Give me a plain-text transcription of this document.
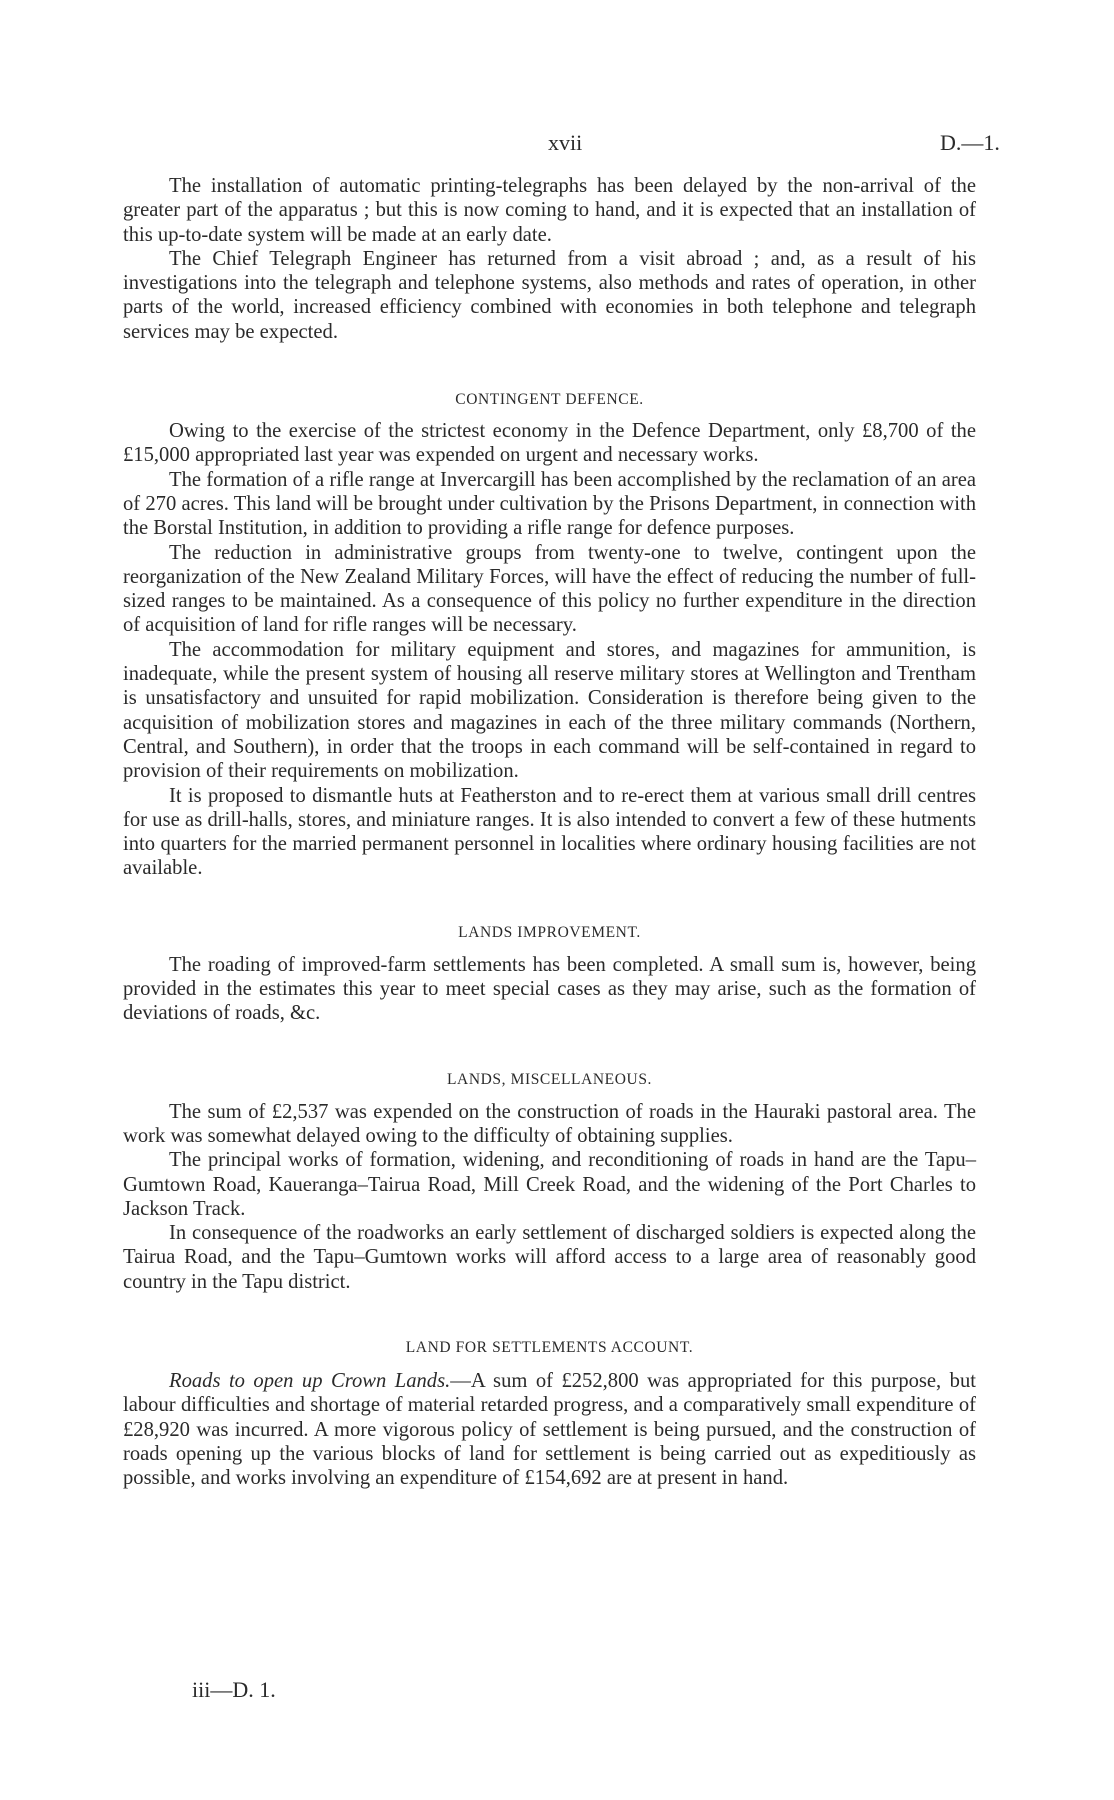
xvii	D.—1.

The installation of automatic printing-telegraphs has been delayed by the non-arrival of the greater part of the apparatus ; but this is now coming to hand, and it is expected that an installation of this up-to-date system will be made at an early date.

The Chief Telegraph Engineer has returned from a visit abroad ; and, as a result of his investigations into the telegraph and telephone systems, also methods and rates of operation, in other parts of the world, increased efficiency combined with economies in both telephone and telegraph services may be expected.

CONTINGENT DEFENCE.

Owing to the exercise of the strictest economy in the Defence Department, only £8,700 of the £15,000 appropriated last year was expended on urgent and necessary works.

The formation of a rifle range at Invercargill has been accomplished by the reclamation of an area of 270 acres. This land will be brought under cultivation by the Prisons Department, in connection with the Borstal Institution, in addition to providing a rifle range for defence purposes.

The reduction in administrative groups from twenty-one to twelve, contingent upon the reorganization of the New Zealand Military Forces, will have the effect of reducing the number of full-sized ranges to be maintained. As a consequence of this policy no further expenditure in the direction of acquisition of land for rifle ranges will be necessary.

The accommodation for military equipment and stores, and magazines for ammunition, is inadequate, while the present system of housing all reserve military stores at Wellington and Trentham is unsatisfactory and unsuited for rapid mobilization. Consideration is therefore being given to the acquisition of mobilization stores and magazines in each of the three military commands (Northern, Central, and Southern), in order that the troops in each command will be self-contained in regard to provision of their requirements on mobilization.

It is proposed to dismantle huts at Featherston and to re-erect them at various small drill centres for use as drill-halls, stores, and miniature ranges. It is also intended to convert a few of these hutments into quarters for the married permanent personnel in localities where ordinary housing facilities are not available.

LANDS IMPROVEMENT.

The roading of improved-farm settlements has been completed. A small sum is, however, being provided in the estimates this year to meet special cases as they may arise, such as the formation of deviations of roads, &c.

LANDS, MISCELLANEOUS.

The sum of £2,537 was expended on the construction of roads in the Hauraki pastoral area. The work was somewhat delayed owing to the difficulty of obtaining supplies.

The principal works of formation, widening, and reconditioning of roads in hand are the Tapu–Gumtown Road, Kaueranga–Tairua Road, Mill Creek Road, and the widening of the Port Charles to Jackson Track.

In consequence of the roadworks an early settlement of discharged soldiers is expected along the Tairua Road, and the Tapu–Gumtown works will afford access to a large area of reasonably good country in the Tapu district.

LAND FOR SETTLEMENTS ACCOUNT.

Roads to open up Crown Lands.—A sum of £252,800 was appropriated for this purpose, but labour difficulties and shortage of material retarded progress, and a comparatively small expenditure of £28,920 was incurred. A more vigorous policy of settlement is being pursued, and the construction of roads opening up the various blocks of land for settlement is being carried out as expeditiously as possible, and works involving an expenditure of £154,692 are at present in hand.

iii—D. 1.
